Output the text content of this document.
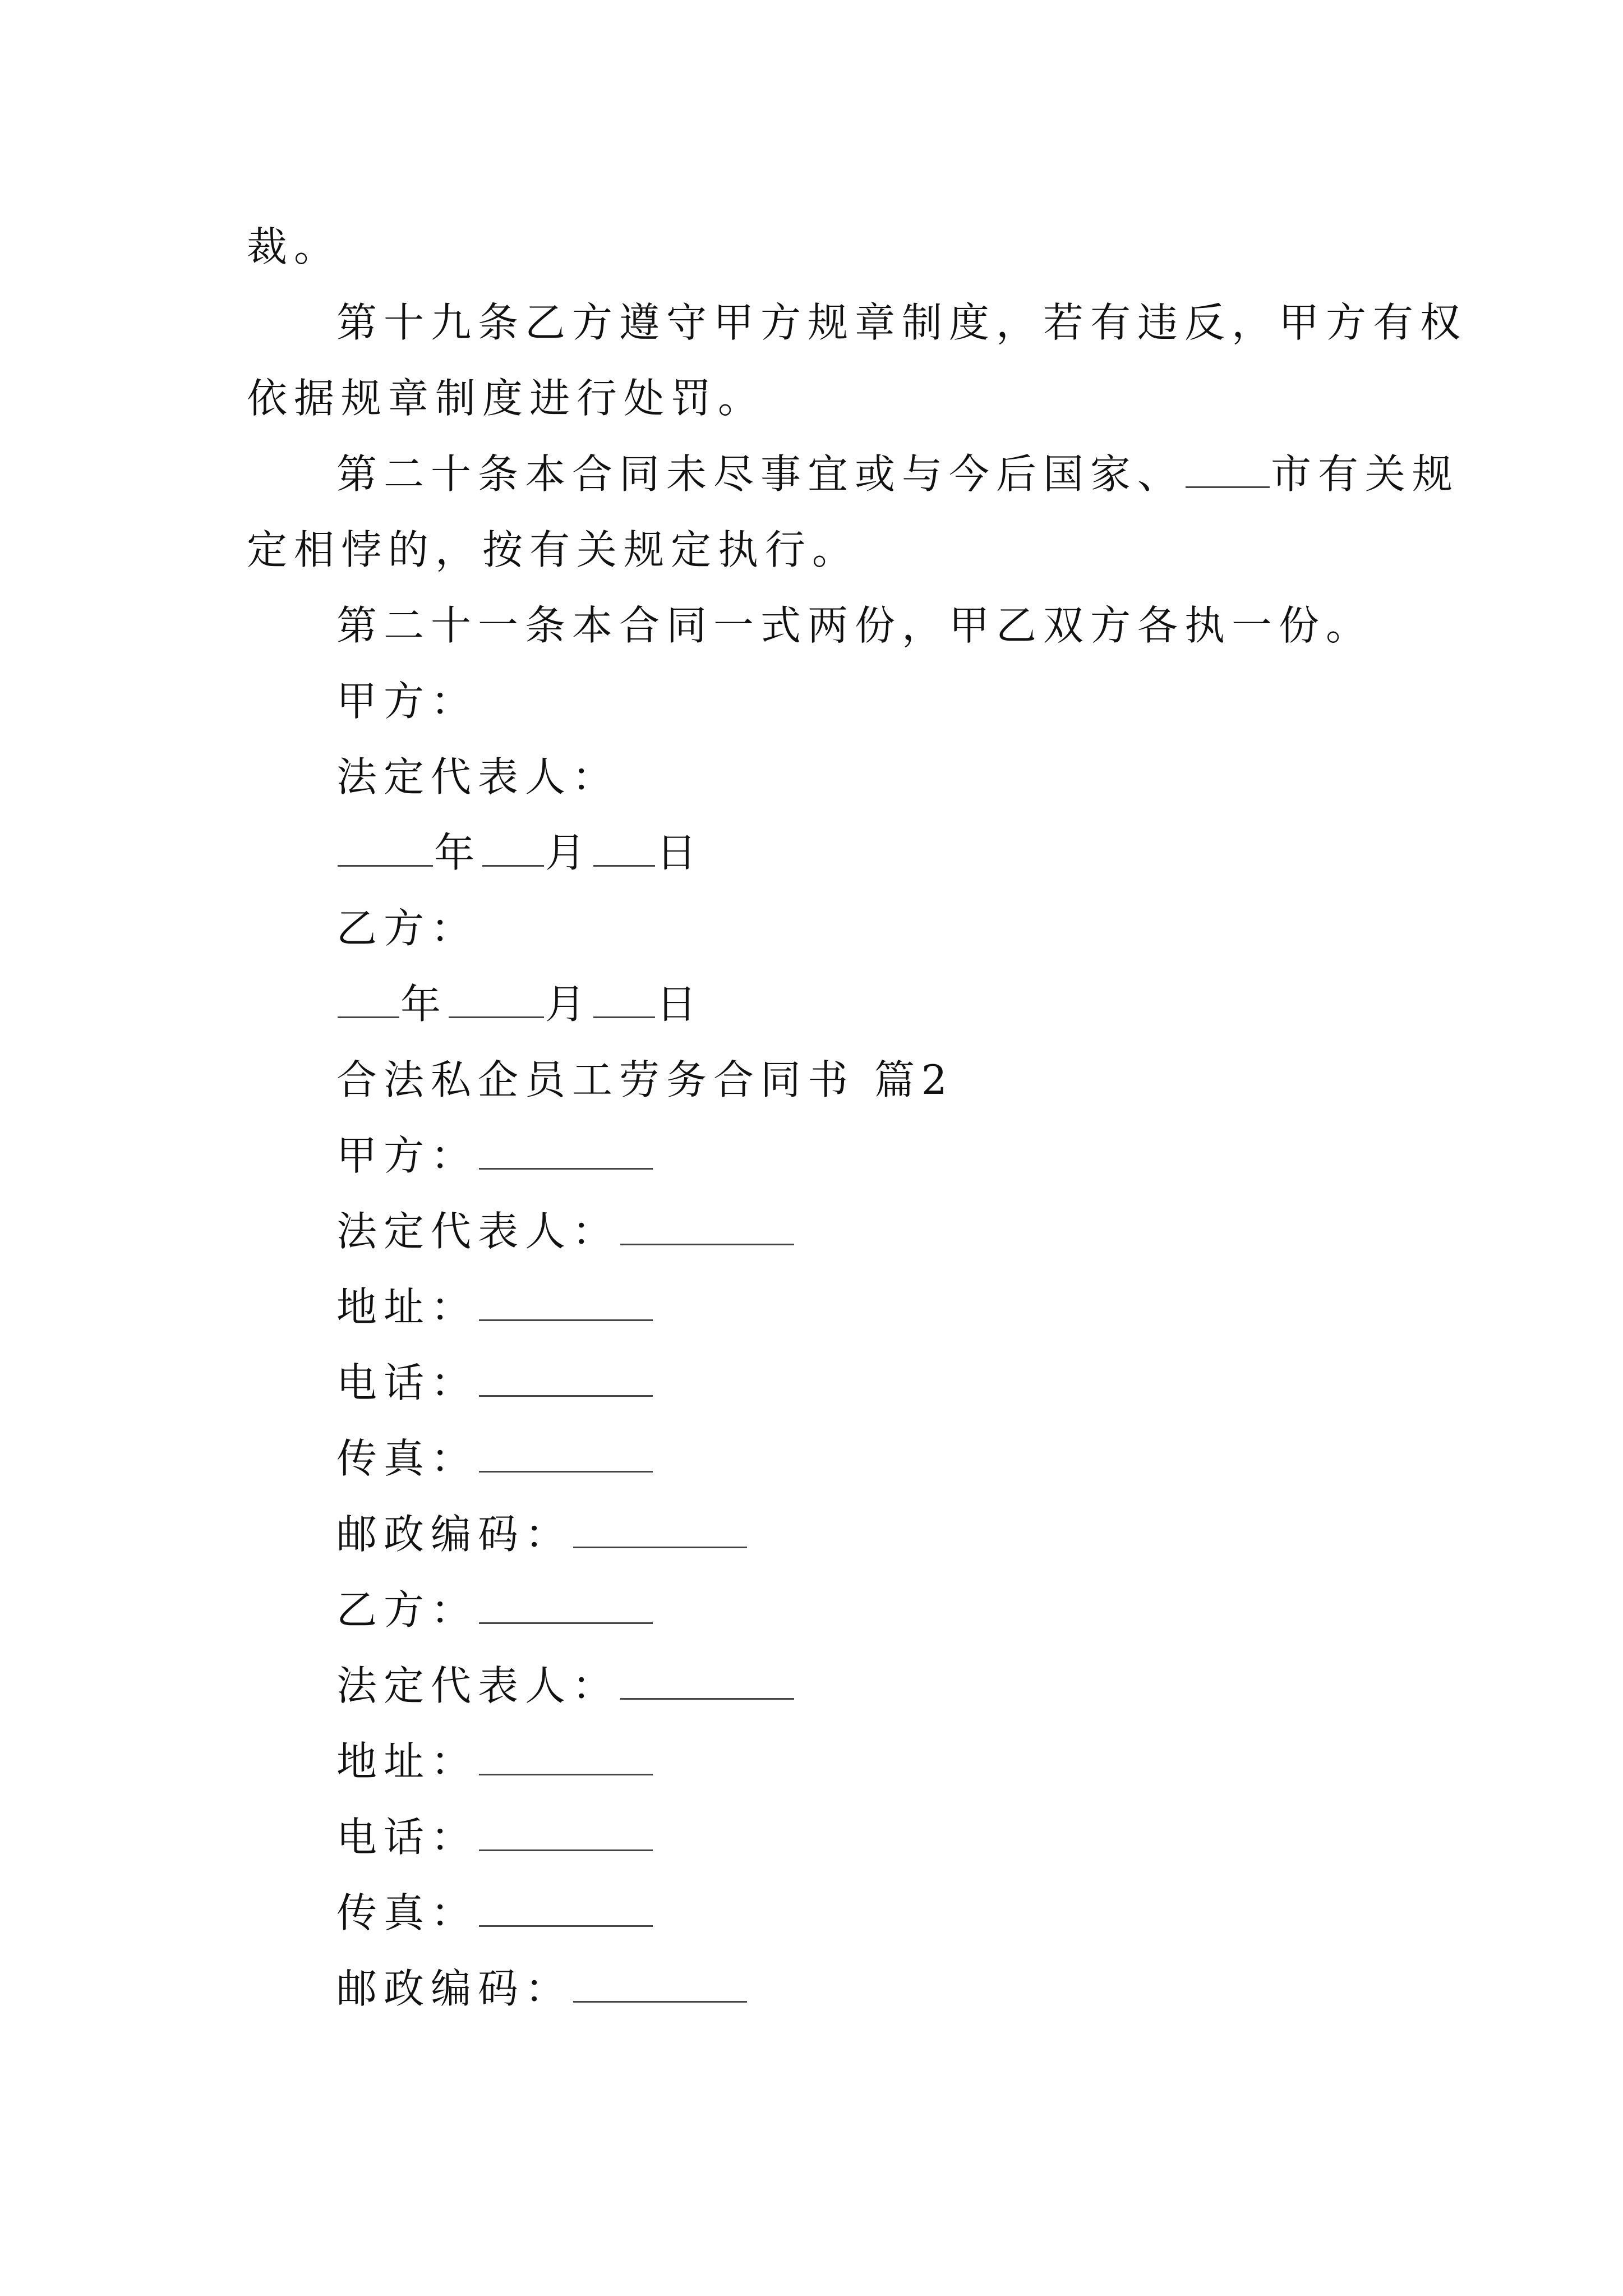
裁。
第十九条乙方遵守甲方规章制度，若有违反，甲方有权
依据规章制度进行处罚。
第二十条本合同未尽事宜或与今后国家、 市有关规
定相悖的，按有关规定执行。
第二十一条本合同一式两份，甲乙双方各执一份。
甲方：
法定代表人：
年 月 日
乙方：
年 月 日
合法私企员工劳务合同书 篇2
甲方：
法定代表人：
地址：
电话：
传真：
邮政编码：
乙方：
法定代表人：
地址：
电话：
传真：
邮政编码：
